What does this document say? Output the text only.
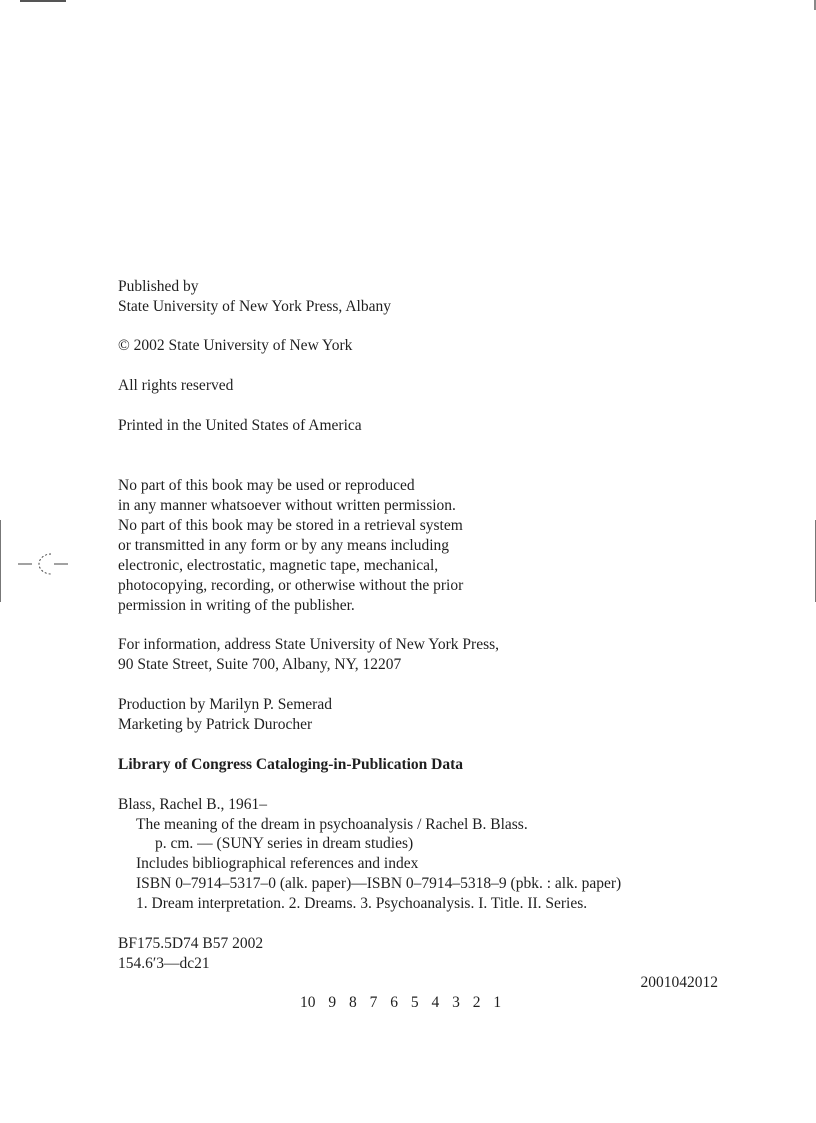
Published by
State University of New York Press, Albany
© 2002 State University of New York
All rights reserved
Printed in the United States of America
No part of this book may be used or reproduced
in any manner whatsoever without written permission.
No part of this book may be stored in a retrieval system
or transmitted in any form or by any means including
electronic, electrostatic, magnetic tape, mechanical,
photocopying, recording, or otherwise without the prior
permission in writing of the publisher.
For information, address State University of New York Press,
90 State Street, Suite 700, Albany, NY, 12207
Production by Marilyn P. Semerad
Marketing by Patrick Durocher
Library of Congress Cataloging-in-Publication Data
Blass, Rachel B., 1961–
The meaning of the dream in psychoanalysis / Rachel B. Blass.
p. cm. — (SUNY series in dream studies)
Includes bibliographical references and index
ISBN 0–7914–5317–0 (alk. paper)—ISBN 0–7914–5318–9 (pbk. : alk. paper)
1. Dream interpretation. 2. Dreams. 3. Psychoanalysis. I. Title. II. Series.
BF175.5D74 B57 2002
154.6′3—dc21
2001042012
10 9 8 7 6 5 4 3 2 1
